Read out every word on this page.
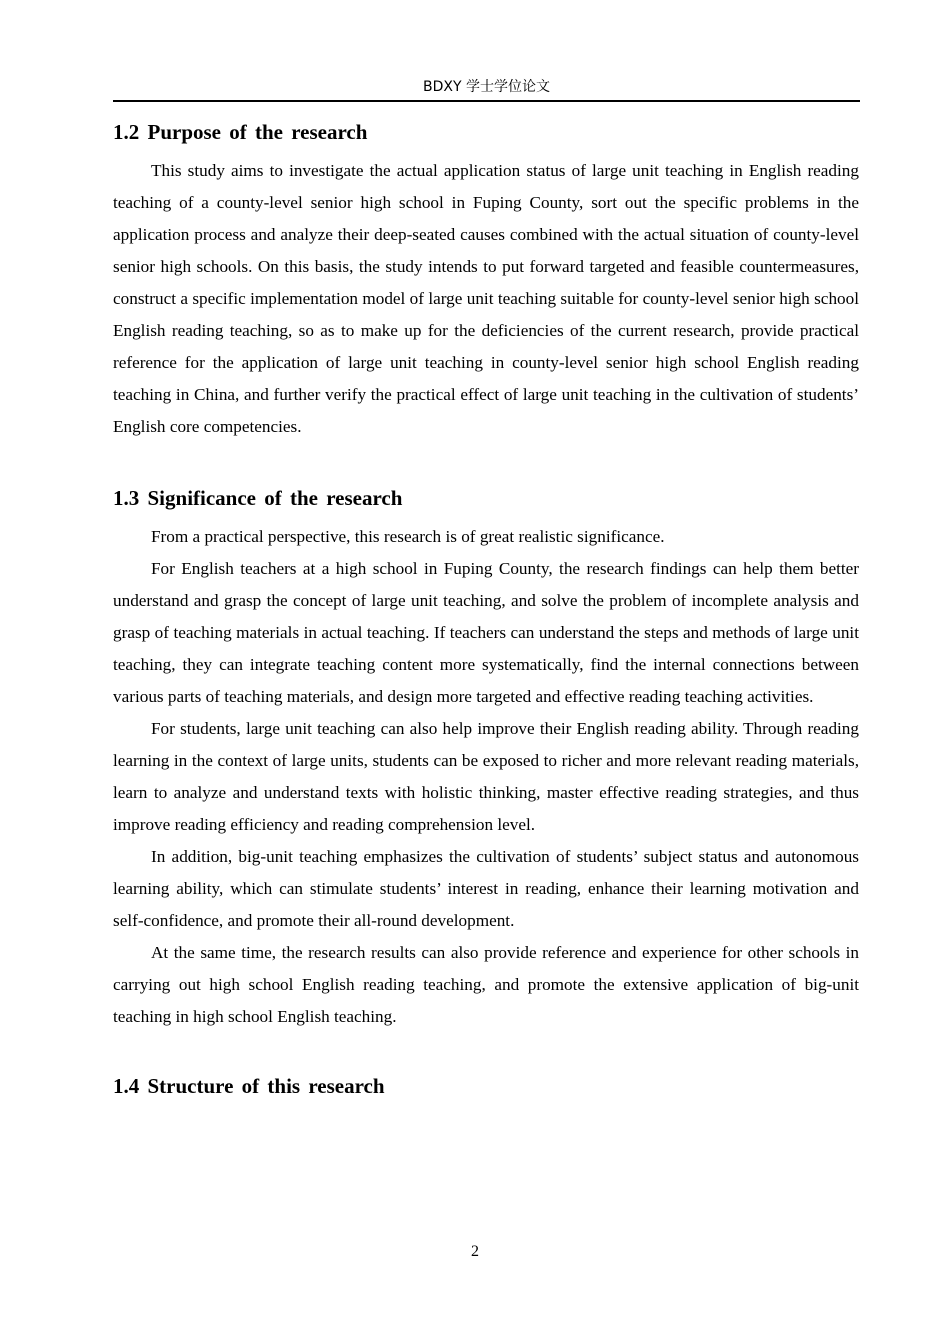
BDXY 学士学位论文
1.2 Purpose of the research

This study aims to investigate the actual application status of large unit teaching in English reading teaching of a county-level senior high school in Fuping County, sort out the specific problems in the application process and analyze their deep-seated causes combined with the actual situation of county-level senior high schools. On this basis, the study intends to put forward targeted and feasible countermeasures, construct a specific implementation model of large unit teaching suitable for county-level senior high school English reading teaching, so as to make up for the deficiencies of the current research, provide practical reference for the application of large unit teaching in county-level senior high school English reading teaching in China, and further verify the practical effect of large unit teaching in the cultivation of students’ English core competencies.

1.3 Significance of the research

From a practical perspective, this research is of great realistic significance.

For English teachers at a high school in Fuping County, the research findings can help them better understand and grasp the concept of large unit teaching, and solve the problem of incomplete analysis and grasp of teaching materials in actual teaching. If teachers can understand the steps and methods of large unit teaching, they can integrate teaching content more systematically, find the internal connections between various parts of teaching materials, and design more targeted and effective reading teaching activities.

For students, large unit teaching can also help improve their English reading ability. Through reading learning in the context of large units, students can be exposed to richer and more relevant reading materials, learn to analyze and understand texts with holistic thinking, master effective reading strategies, and thus improve reading efficiency and reading comprehension level.

In addition, big-unit teaching emphasizes the cultivation of students’ subject status and autonomous learning ability, which can stimulate students’ interest in reading, enhance their learning motivation and self-confidence, and promote their all-round development.

At the same time, the research results can also provide reference and experience for other schools in carrying out high school English reading teaching, and promote the extensive application of big-unit teaching in high school English teaching.

1.4 Structure of this research
2
